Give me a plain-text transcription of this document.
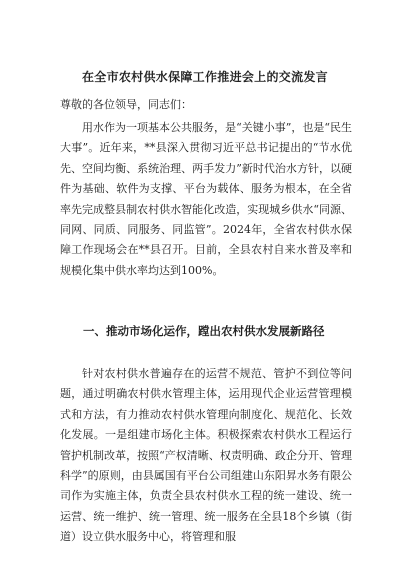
在全市农村供水保障工作推进会上的交流发言
尊敬的各位领导，同志们：

用水作为一项基本公共服务，是“关键小事”，也是“民生大事”。近年来，**县深入贯彻习近平总书记提出的“节水优先、空间均衡、系统治理、两手发力”新时代治水方针，以硬件为基础、软件为支撑、平台为载体、服务为根本，在全省率先完成整县制农村供水智能化改造，实现城乡供水“同源、同网、同质、同服务、同监管”。2024年，全省农村供水保障工作现场会在**县召开。目前，全县农村自来水普及率和规模化集中供水率均达到100%。

一、推动市场化运作，蹚出农村供水发展新路径

针对农村供水普遍存在的运营不规范、管护不到位等问题，通过明确农村供水管理主体，运用现代企业运营管理模式和方法，有力推动农村供水管理向制度化、规范化、长效化发展。一是组建市场化主体。积极探索农村供水工程运行管护机制改革，按照“产权清晰、权责明确、政企分开、管理科学”的原则，由县属国有平台公司组建山东阳昇水务有限公司作为实施主体，负责全县农村供水工程的统一建设、统一运营、统一维护、统一管理、统一服务在全县18个乡镇（街道）设立供水服务中心，将管理和服
